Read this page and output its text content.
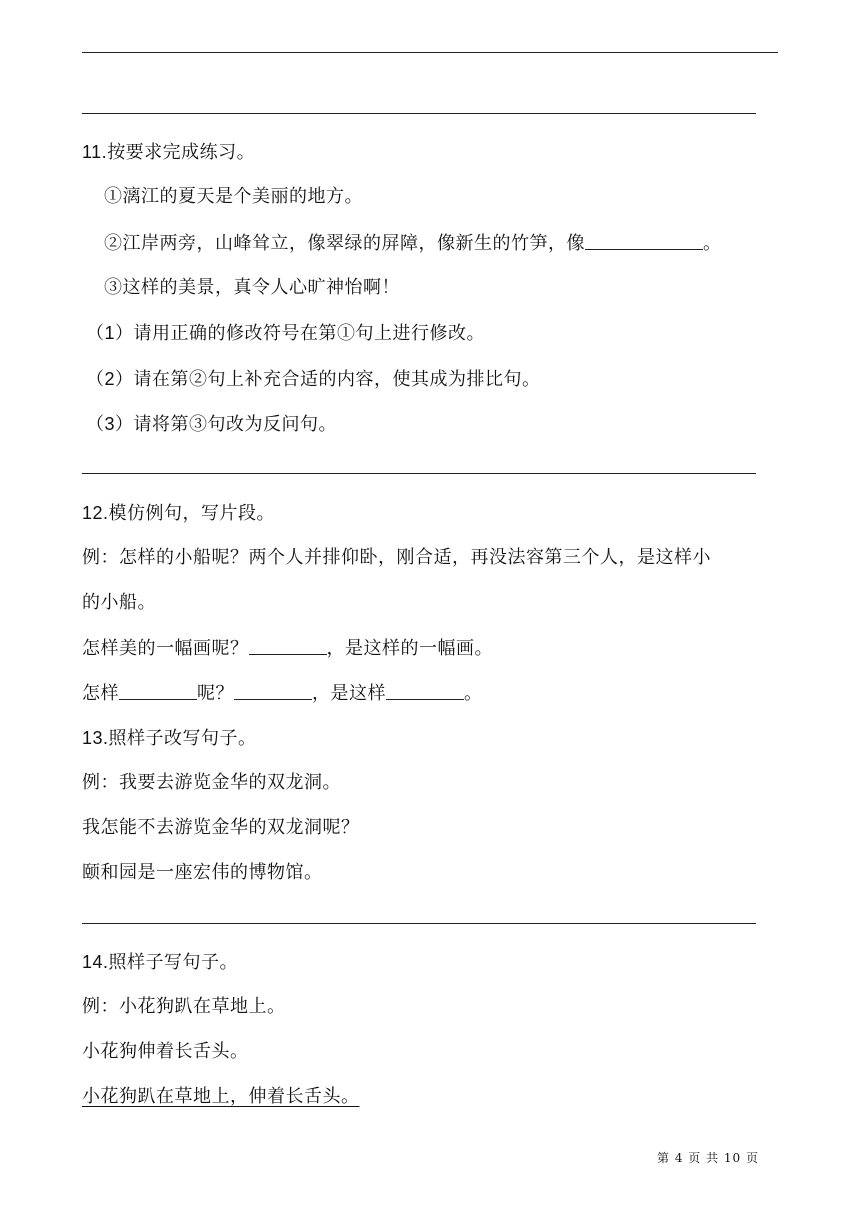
11.按要求完成练习。
①漓江的夏天是个美丽的地方。
②江岸两旁，山峰耸立，像翠绿的屏障，像新生的竹笋，像	。
③这样的美景，真令人心旷神怡啊！
（1）请用正确的修改符号在第①句上进行修改。
（2）请在第②句上补充合适的内容，使其成为排比句。
（3）请将第③句改为反问句。
12.模仿例句，写片段。
例：怎样的小船呢？两个人并排仰卧，刚合适，再没法容第三个人，是这样小
的小船。
怎样美的一幅画呢？	，是这样的一幅画。
怎样	呢？	，是这样	。
13.照样子改写句子。
例：我要去游览金华的双龙洞。
我怎能不去游览金华的双龙洞呢？
颐和园是一座宏伟的博物馆。
14.照样子写句子。
例：小花狗趴在草地上。
小花狗伸着长舌头。
小花狗趴在草地上，伸着长舌头。
第 4 页 共 10 页
